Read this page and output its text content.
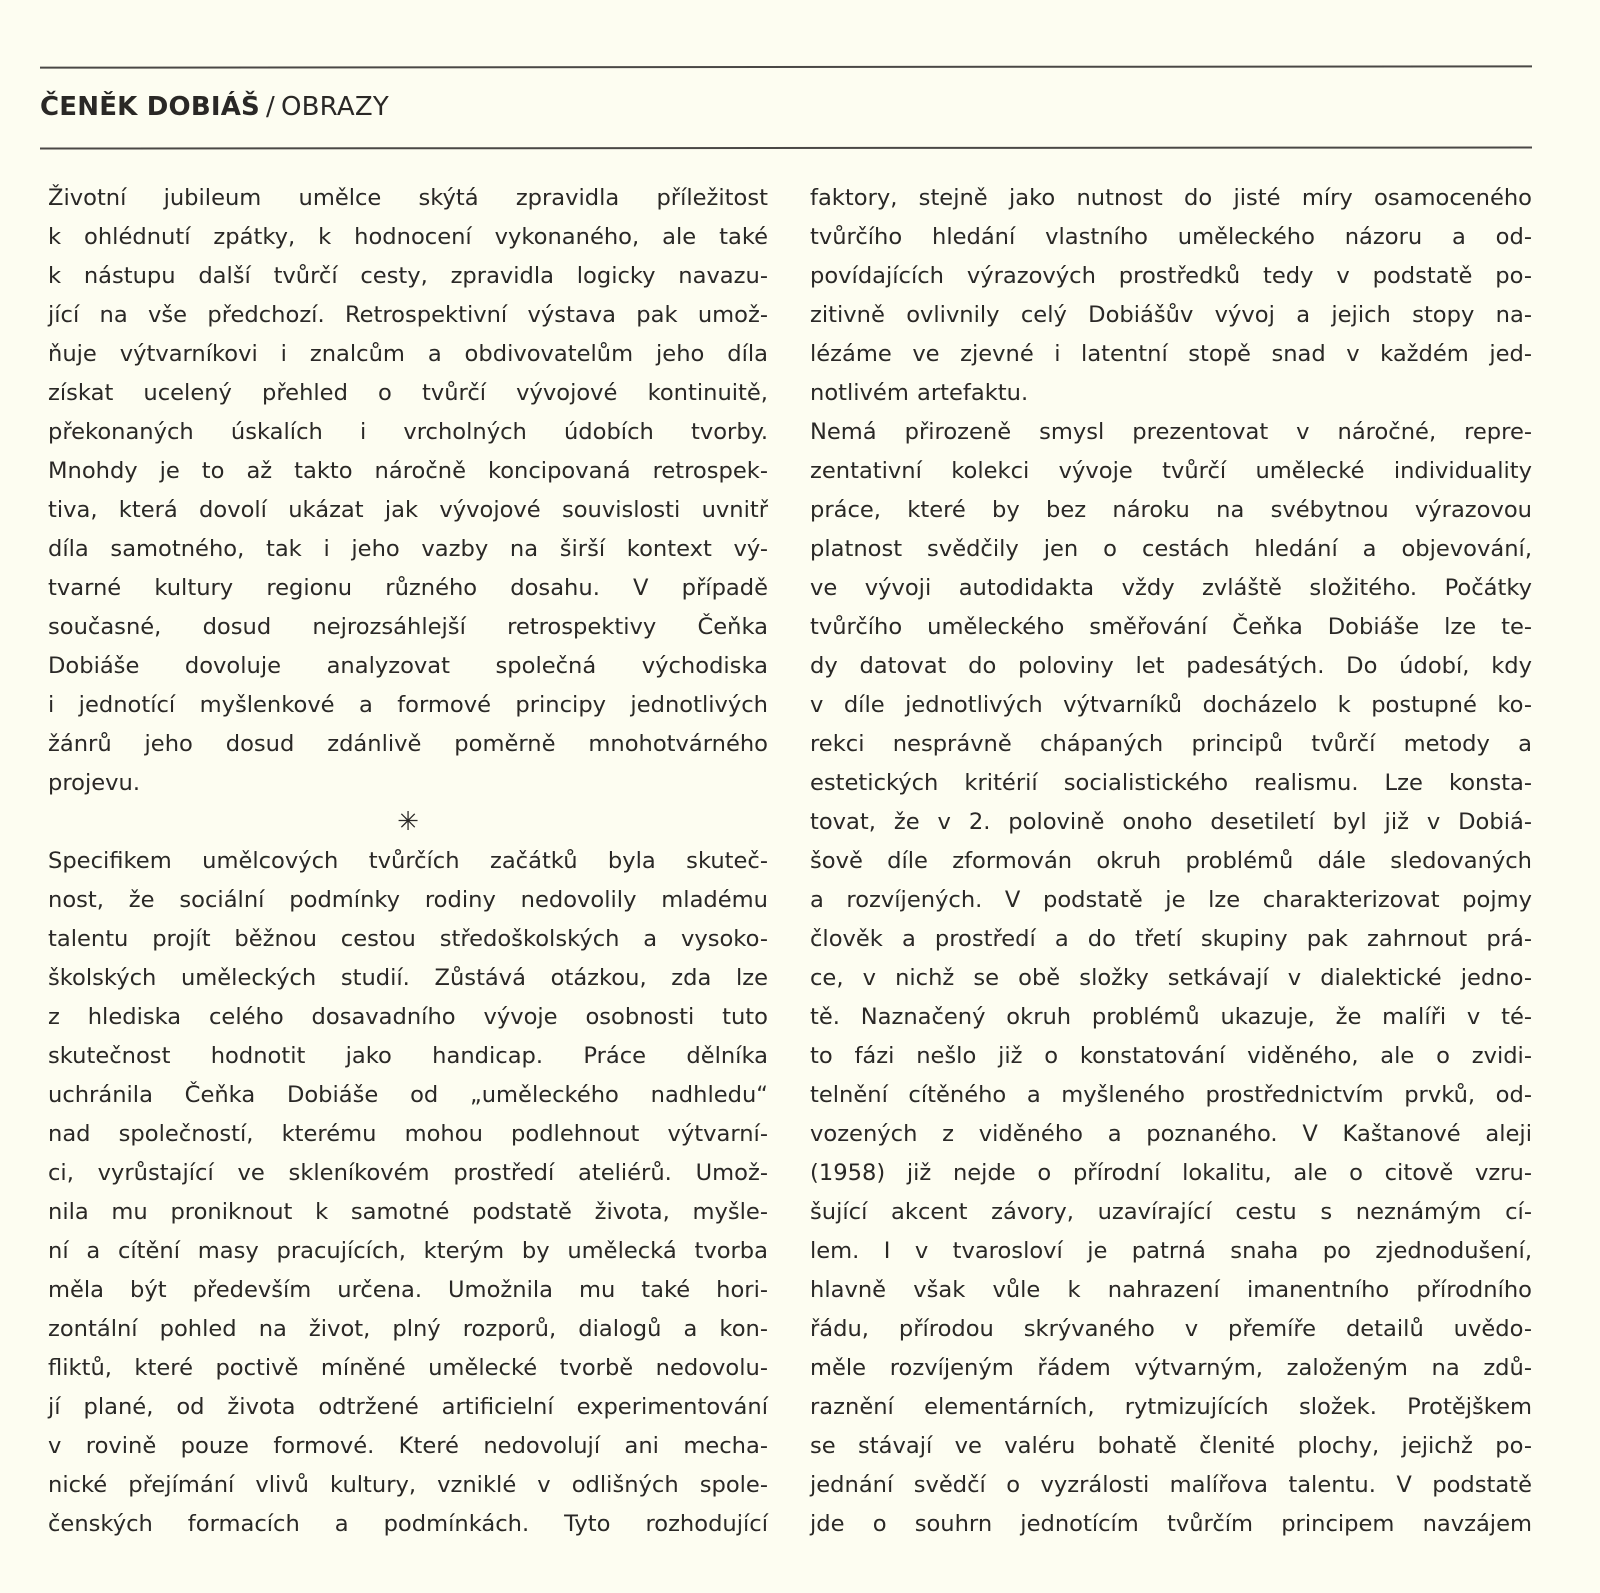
ČENĚK DOBIÁŠ / OBRAZY
Životní jubileum umělce skýtá zpravidla příležitost
k ohlédnutí zpátky, k hodnocení vykonaného, ale také
k nástupu další tvůrčí cesty, zpravidla logicky navazu-
jící na vše předchozí. Retrospektivní výstava pak umož-
ňuje výtvarníkovi i znalcům a obdivovatelům jeho díla
získat ucelený přehled o tvůrčí vývojové kontinuitě,
překonaných úskalích i vrcholných údobích tvorby.
Mnohdy je to až takto náročně koncipovaná retrospek-
tiva, která dovolí ukázat jak vývojové souvislosti uvnitř
díla samotného, tak i jeho vazby na širší kontext vý-
tvarné kultury regionu různého dosahu. V případě
současné, dosud nejrozsáhlejší retrospektivy Čeňka
Dobiáše dovoluje analyzovat společná východiska
i jednotící myšlenkové a formové principy jednotlivých
žánrů jeho dosud zdánlivě poměrně mnohotvárného
projevu.
✳
Specifikem umělcových tvůrčích začátků byla skuteč-
nost, že sociální podmínky rodiny nedovolily mladému
talentu projít běžnou cestou středoškolských a vysoko-
školských uměleckých studií. Zůstává otázkou, zda lze
z hlediska celého dosavadního vývoje osobnosti tuto
skutečnost hodnotit jako handicap. Práce dělníka
uchránila Čeňka Dobiáše od „uměleckého nadhledu“
nad společností, kterému mohou podlehnout výtvarní-
ci, vyrůstající ve skleníkovém prostředí ateliérů. Umož-
nila mu proniknout k samotné podstatě života, myšle-
ní a cítění masy pracujících, kterým by umělecká tvorba
měla být především určena. Umožnila mu také hori-
zontální pohled na život, plný rozporů, dialogů a kon-
fliktů, které poctivě míněné umělecké tvorbě nedovolu-
jí plané, od života odtržené artificielní experimentování
v rovině pouze formové. Které nedovolují ani mecha-
nické přejímání vlivů kultury, vzniklé v odlišných spole-
čenských formacích a podmínkách. Tyto rozhodující
faktory, stejně jako nutnost do jisté míry osamoceného
tvůrčího hledání vlastního uměleckého názoru a od-
povídajících výrazových prostředků tedy v podstatě po-
zitivně ovlivnily celý Dobiášův vývoj a jejich stopy na-
lézáme ve zjevné i latentní stopě snad v každém jed-
notlivém artefaktu.
Nemá přirozeně smysl prezentovat v náročné, repre-
zentativní kolekci vývoje tvůrčí umělecké individuality
práce, které by bez nároku na svébytnou výrazovou
platnost svědčily jen o cestách hledání a objevování,
ve vývoji autodidakta vždy zvláště složitého. Počátky
tvůrčího uměleckého směřování Čeňka Dobiáše lze te-
dy datovat do poloviny let padesátých. Do údobí, kdy
v díle jednotlivých výtvarníků docházelo k postupné ko-
rekci nesprávně chápaných principů tvůrčí metody a
estetických kritérií socialistického realismu. Lze konsta-
tovat, že v 2. polovině onoho desetiletí byl již v Dobiá-
šově díle zformován okruh problémů dále sledovaných
a rozvíjených. V podstatě je lze charakterizovat pojmy
člověk a prostředí a do třetí skupiny pak zahrnout prá-
ce, v nichž se obě složky setkávají v dialektické jedno-
tě. Naznačený okruh problémů ukazuje, že malíři v té-
to fázi nešlo již o konstatování viděného, ale o zvidi-
telnění cítěného a myšleného prostřednictvím prvků, od-
vozených z viděného a poznaného. V Kaštanové aleji
(1958) již nejde o přírodní lokalitu, ale o citově vzru-
šující akcent závory, uzavírající cestu s neznámým cí-
lem. I v tvarosloví je patrná snaha po zjednodušení,
hlavně však vůle k nahrazení imanentního přírodního
řádu, přírodou skrývaného v přemíře detailů uvědo-
měle rozvíjeným řádem výtvarným, založeným na zdů-
raznění elementárních, rytmizujících složek. Protějškem
se stávají ve valéru bohatě členité plochy, jejichž po-
jednání svědčí o vyzrálosti malířova talentu. V podstatě
jde o souhrn jednotícím tvůrčím principem navzájem
